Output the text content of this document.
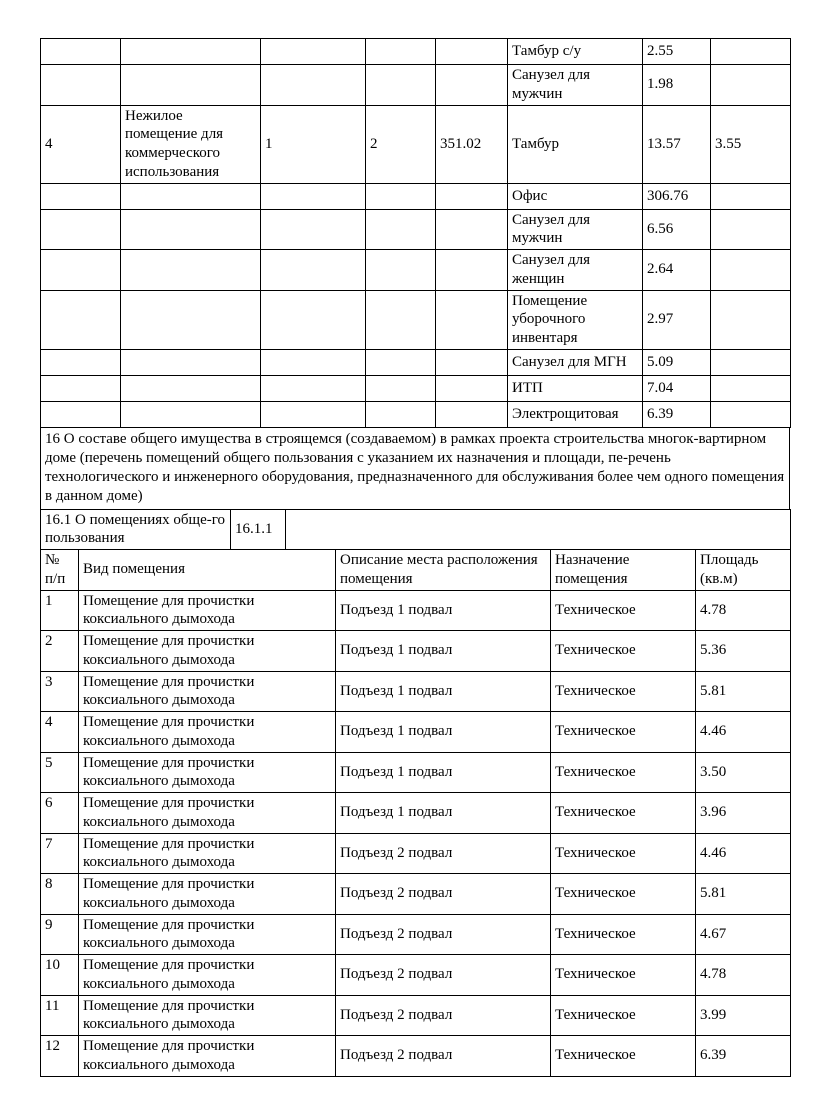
					Тамбур с/у	2.55	
					Санузел для мужчин	1.98	
4	Нежилое помещение для коммерческого использования	1	2	351.02	Тамбур	13.57	3.55
					Офис	306.76	
					Санузел для мужчин	6.56	
					Санузел для женщин	2.64	
					Помещение уборочного инвентаря	2.97	
					Санузел для МГН	5.09	
					ИТП	7.04	
					Электрощитовая	6.39	
16 О составе общего имущества в строящемся (создаваемом) в рамках проекта строительства многок-вартирном доме (перечень помещений общего пользования с указанием их назначения и площади, пе-речень технологического и инженерного оборудования, предназначенного для обслуживания более чем одного помещения в данном доме)
16.1 О помещениях обще-го пользования	16.1.1	
№ п/п	Вид помещения	Описание места расположения помещения	Назначение помещения	Площадь (кв.м)
1	Помещение для прочистки коксиального дымохода	Подъезд 1 подвал	Техническое	4.78
2	Помещение для прочистки коксиального дымохода	Подъезд 1 подвал	Техническое	5.36
3	Помещение для прочистки коксиального дымохода	Подъезд 1 подвал	Техническое	5.81
4	Помещение для прочистки коксиального дымохода	Подъезд 1 подвал	Техническое	4.46
5	Помещение для прочистки коксиального дымохода	Подъезд 1 подвал	Техническое	3.50
6	Помещение для прочистки коксиального дымохода	Подъезд 1 подвал	Техническое	3.96
7	Помещение для прочистки коксиального дымохода	Подъезд 2 подвал	Техническое	4.46
8	Помещение для прочистки коксиального дымохода	Подъезд 2 подвал	Техническое	5.81
9	Помещение для прочистки коксиального дымохода	Подъезд 2 подвал	Техническое	4.67
10	Помещение для прочистки коксиального дымохода	Подъезд 2 подвал	Техническое	4.78
11	Помещение для прочистки коксиального дымохода	Подъезд 2 подвал	Техническое	3.99
12	Помещение для прочистки коксиального дымохода	Подъезд 2 подвал	Техническое	6.39
